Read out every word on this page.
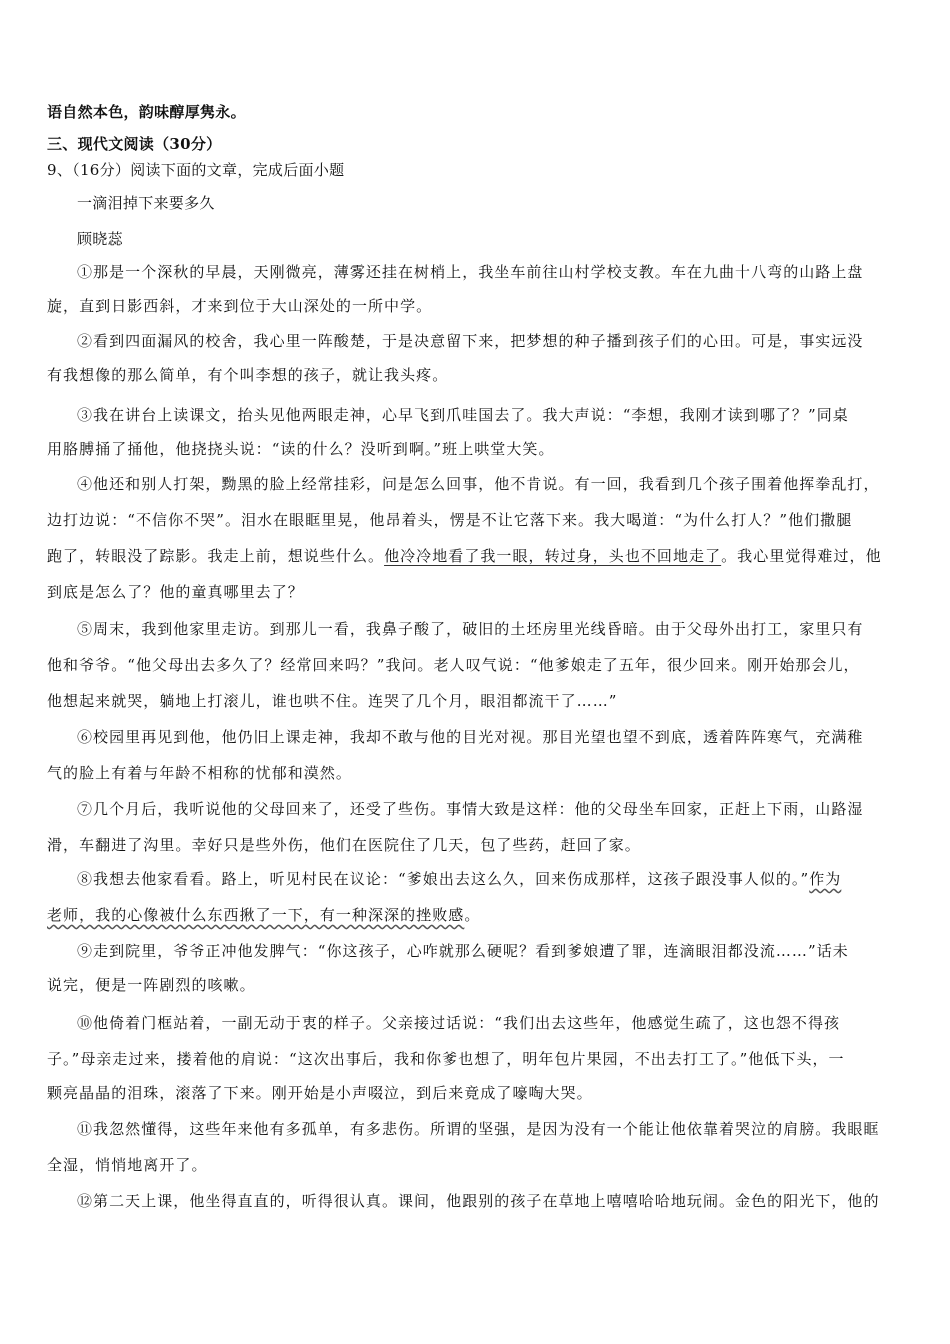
语自然本色，韵味醇厚隽永。
三、现代文阅读（30分）
9、（16分）阅读下面的文章，完成后面小题
一滴泪掉下来要多久
顾晓蕊
①那是一个深秋的早晨，天刚微亮，薄雾还挂在树梢上，我坐车前往山村学校支教。车在九曲十八弯的山路上盘
旋，直到日影西斜，才来到位于大山深处的一所中学。
②看到四面漏风的校舍，我心里一阵酸楚，于是决意留下来，把梦想的种子播到孩子们的心田。可是，事实远没
有我想像的那么简单，有个叫李想的孩子，就让我头疼。
③我在讲台上读课文，抬头见他两眼走神，心早飞到爪哇国去了。我大声说：“李想，我刚才读到哪了？”同桌
用胳膊捅了捅他，他挠挠头说：“读的什么？没听到啊。”班上哄堂大笑。
④他还和别人打架，黝黑的脸上经常挂彩，问是怎么回事，他不肯说。有一回，我看到几个孩子围着他挥拳乱打，
边打边说：“不信你不哭”。泪水在眼眶里晃，他昂着头，愣是不让它落下来。我大喝道：“为什么打人？”他们撒腿
跑了，转眼没了踪影。我走上前，想说些什么。他冷冷地看了我一眼，转过身，头也不回地走了。我心里觉得难过，他
到底是怎么了？他的童真哪里去了？
⑤周末，我到他家里走访。到那儿一看，我鼻子酸了，破旧的土坯房里光线昏暗。由于父母外出打工，家里只有
他和爷爷。“他父母出去多久了？经常回来吗？”我问。老人叹气说：“他爹娘走了五年，很少回来。刚开始那会儿，
他想起来就哭，躺地上打滚儿，谁也哄不住。连哭了几个月，眼泪都流干了……”
⑥校园里再见到他，他仍旧上课走神，我却不敢与他的目光对视。那目光望也望不到底，透着阵阵寒气，充满稚
气的脸上有着与年龄不相称的忧郁和漠然。
⑦几个月后，我听说他的父母回来了，还受了些伤。事情大致是这样：他的父母坐车回家，正赶上下雨，山路湿
滑，车翻进了沟里。幸好只是些外伤，他们在医院住了几天，包了些药，赶回了家。
⑧我想去他家看看。路上，听见村民在议论：“爹娘出去这么久，回来伤成那样，这孩子跟没事人似的。”作为
老师，我的心像被什么东西揪了一下，有一种深深的挫败感。
⑨走到院里，爷爷正冲他发脾气：“你这孩子，心咋就那么硬呢？看到爹娘遭了罪，连滴眼泪都没流……”话未
说完，便是一阵剧烈的咳嗽。
⑩他倚着门框站着，一副无动于衷的样子。父亲接过话说：“我们出去这些年，他感觉生疏了，这也怨不得孩
子。”母亲走过来，搂着他的肩说：“这次出事后，我和你爹也想了，明年包片果园，不出去打工了。”他低下头，一
颗亮晶晶的泪珠，滚落了下来。刚开始是小声啜泣，到后来竟成了嚎啕大哭。
⑪我忽然懂得，这些年来他有多孤单，有多悲伤。所谓的坚强，是因为没有一个能让他依靠着哭泣的肩膀。我眼眶
全湿，悄悄地离开了。
⑫第二天上课，他坐得直直的，听得很认真。课间，他跟别的孩子在草地上嘻嘻哈哈地玩闹。金色的阳光下，他的
